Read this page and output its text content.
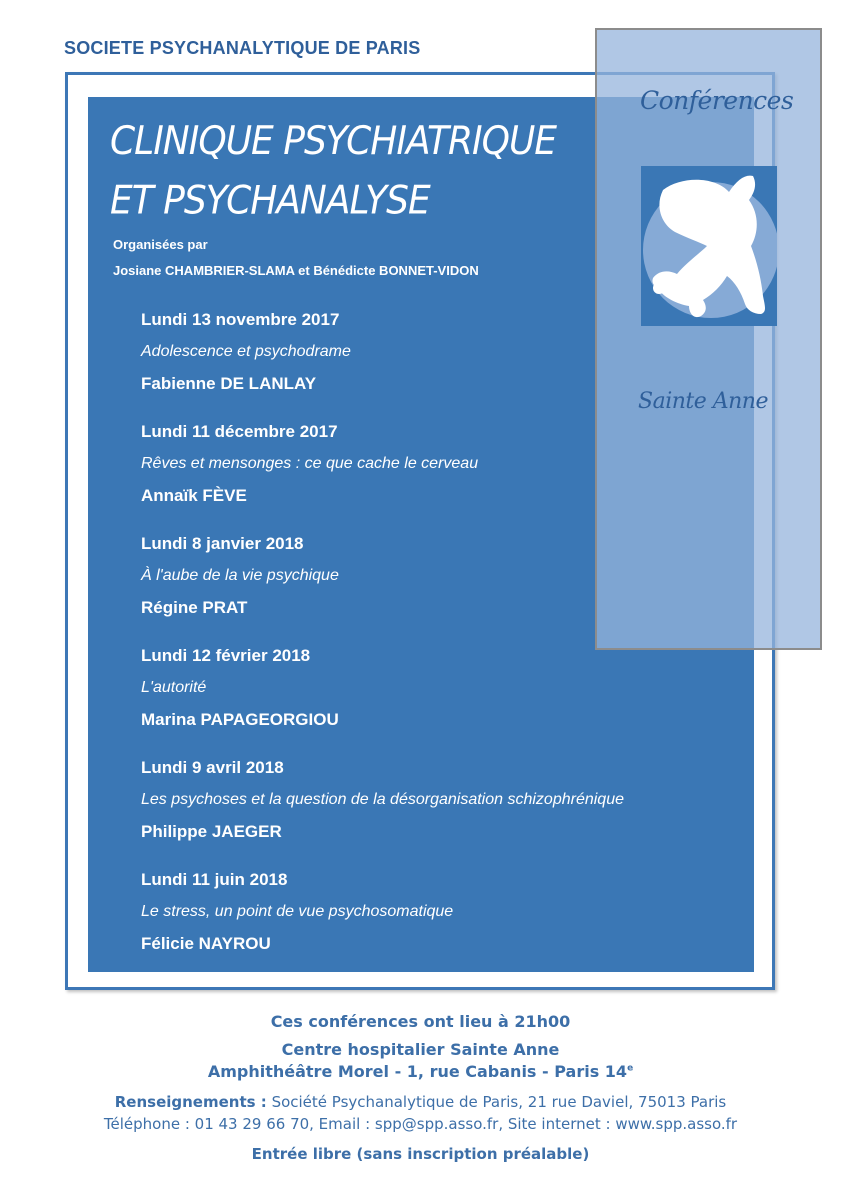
SOCIETE PSYCHANALYTIQUE DE PARIS
CLINIQUE PSYCHIATRIQUE
ET PSYCHANALYSE
Organisées par
Josiane CHAMBRIER-SLAMA et Bénédicte BONNET-VIDON
Lundi 13 novembre 2017
Adolescence et psychodrame
Fabienne DE LANLAY
Lundi 11 décembre 2017
Rêves et mensonges : ce que cache le cerveau
Annaïk FÈVE
Lundi 8 janvier 2018
À l'aube de la vie psychique
Régine PRAT
Lundi 12 février 2018
L'autorité
Marina PAPAGEORGIOU
Lundi 9 avril 2018
Les psychoses et la question de la désorganisation schizophrénique
Philippe JAEGER
Lundi 11 juin 2018
Le stress, un point de vue psychosomatique
Félicie NAYROU
Conférences
Sainte Anne
Ces conférences ont lieu à 21h00
Centre hospitalier Sainte Anne
Amphithéâtre Morel - 1, rue Cabanis - Paris 14e
Renseignements : Société Psychanalytique de Paris, 21 rue Daviel, 75013 Paris
Téléphone : 01 43 29 66 70, Email : spp@spp.asso.fr, Site internet : www.spp.asso.fr
Entrée libre (sans inscription préalable)
